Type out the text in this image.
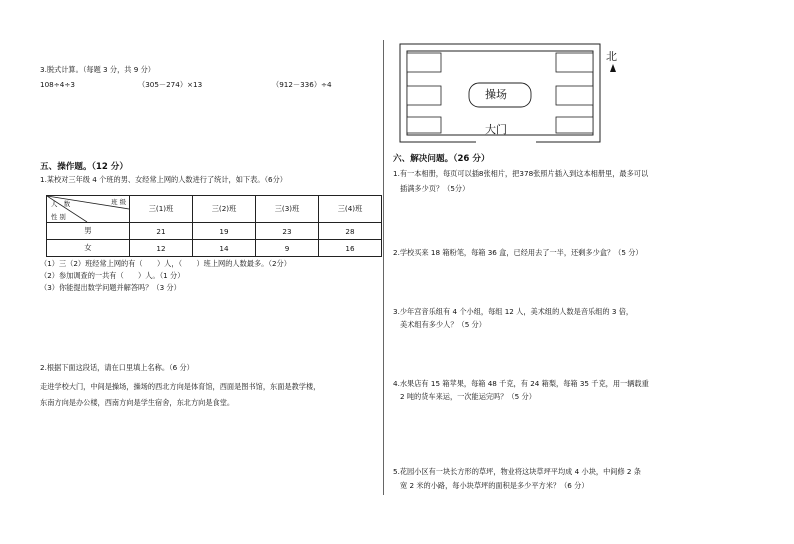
3.脱式计算。（每题 3 分，共 9 分）
108÷4÷3	（305－274）×13	（912－336）÷4
五、操作题。（12 分）
1.某校对三年级 4 个班的男、女经常上网的人数进行了统计，如下表。（6分）
班 级
人　数
性 别	三(1)班	三(2)班	三(3)班	三(4)班
男	21	19	23	28
女	12	14	9	16
（1）三（2）班经常上网的有（　　）人，（　　）班上网的人数最多。（2分）
（2）参加调查的一共有（　　）人。（1 分）
（3）你能提出数学问题并解答吗？（3 分）
2.根据下面这段话，请在口里填上名称。（6 分）
走进学校大门，中间是操场，操场的西北方向是体育馆，西面是图书馆，东面是教学楼，
东南方向是办公楼，西南方向是学生宿舍，东北方向是食堂。
操场
大门
北
六、解决问题。（26 分）
1.有一本相册，每页可以插8张相片，把378张照片插入到这本相册里，最多可以
插满多少页？（5分）
2.学校买来 18 箱粉笔，每箱 36 盒，已经用去了一半，还剩多少盒？（5 分）
3.少年宫音乐组有 4 个小组，每组 12 人，美术组的人数是音乐组的 3 倍，
美术组有多少人？（5 分）
4.水果店有 15 箱苹果，每箱 48 千克，有 24 箱梨，每箱 35 千克，用一辆载重
2 吨的货车来运，一次能运完吗？（5 分）
5.花园小区有一块长方形的草坪，物业将这块草坪平均成 4 小块，中间修 2 条
宽 2 米的小路，每小块草坪的面积是多少平方米？（6 分）
